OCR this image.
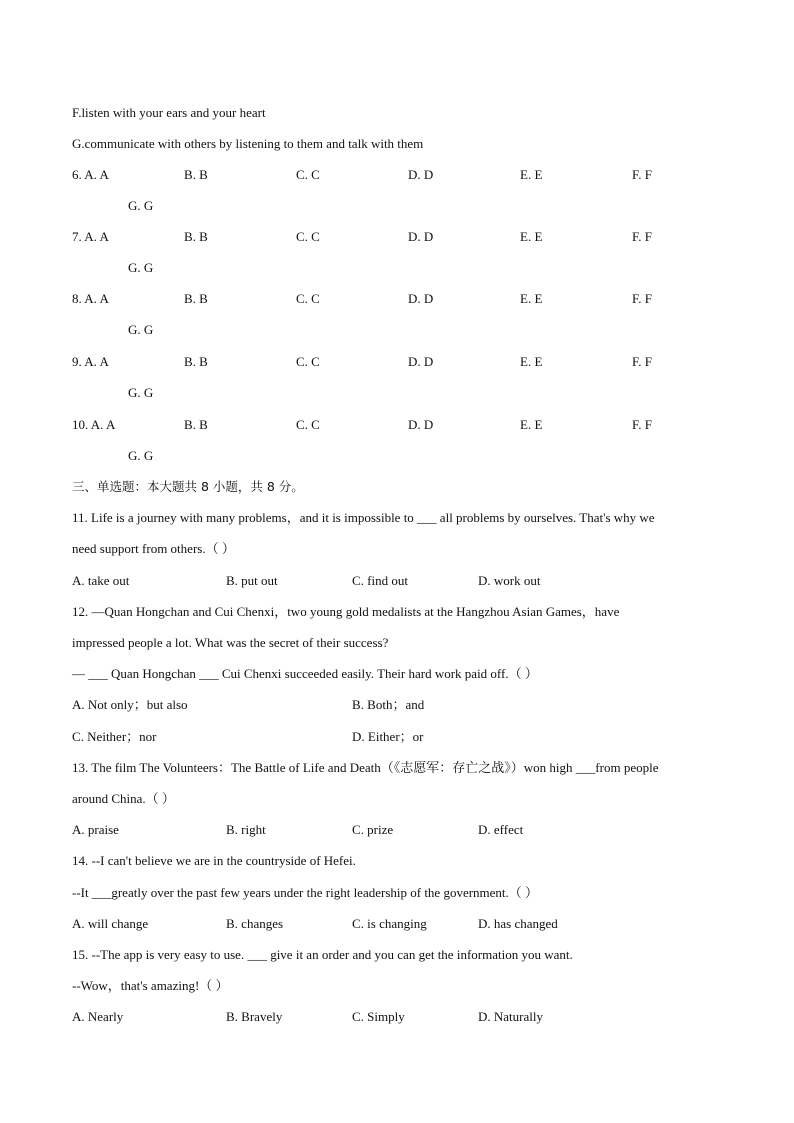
F.listen with your ears and your heart
G.communicate with others by listening to them and talk with them
6. A. A	B. B	C. C	D. D	E. E	F. F
G. G
7. A. A	B. B	C. C	D. D	E. E	F. F
G. G
8. A. A	B. B	C. C	D. D	E. E	F. F
G. G
9. A. A	B. B	C. C	D. D	E. E	F. F
G. G
10. A. A	B. B	C. C	D. D	E. E	F. F
G. G
三、单选题：本大题共 8 小题，共 8 分。
11. Life is a journey with many problems，and it is impossible to ___ all problems by ourselves. That's why we
need support from others.（ ）
A. take out	B. put out	C. find out	D. work out
12. —Quan Hongchan and Cui Chenxi，two young gold medalists at the Hangzhou Asian Games，have
impressed people a lot. What was the secret of their success?
— ___ Quan Hongchan ___ Cui Chenxi succeeded easily. Their hard work paid off.（ ）
A. Not only；but also	B. Both；and
C. Neither；nor	D. Either；or
13. The film The Volunteers：The Battle of Life and Death（《志愿军：存亡之战》）won high ___from people
around China.（ ）
A. praise	B. right	C. prize	D. effect
14. --I can't believe we are in the countryside of Hefei.
--It ___greatly over the past few years under the right leadership of the government.（ ）
A. will change	B. changes	C. is changing	D. has changed
15. --The app is very easy to use. ___ give it an order and you can get the information you want.
--Wow，that's amazing!（ ）
A. Nearly	B. Bravely	C. Simply	D. Naturally
